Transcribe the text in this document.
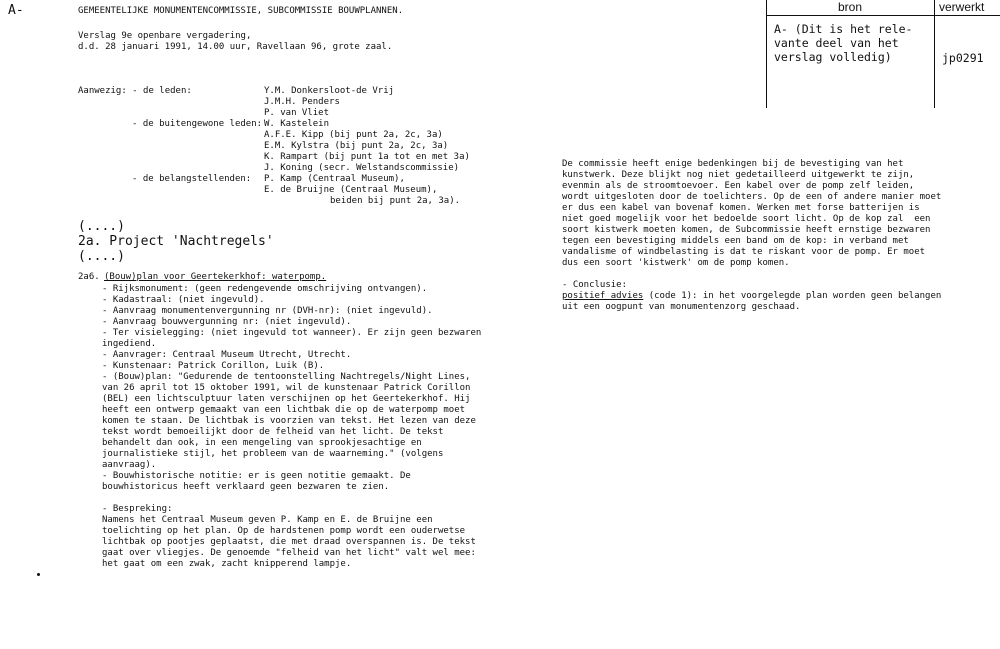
A-	GEMEENTELIJKE MONUMENTENCOMMISSIE, SUBCOMMISSIE BOUWPLANNEN.
Verslag 9e openbare vergadering,
d.d. 28 januari 1991, 14.00 uur, Ravellaan 96, grote zaal.
bron	verwerkt
A- (Dit is het rele-
vante deel van het
verslag volledig)	jp0291
Aanwezig: - de leden:	Y.M. Donkersloot-de Vrij
J.M.H. Penders
P. van Vliet
- de buitengewone leden: W. Kastelein
A.F.E. Kipp (bij punt 2a, 2c, 3a)
E.M. Kylstra (bij punt 2a, 2c, 3a)
K. Rampart (bij punt 1a tot en met 3a)
J. Koning (secr. Welstandscommissie)
- de belangstellenden: P. Kamp (Centraal Museum),
E. de Bruijne (Centraal Museum),
beiden bij punt 2a, 3a).
(....)
2a. Project 'Nachtregels'
(....)
2a6. (Bouw)plan voor Geertekerkhof: waterpomp.
- Rijksmonument: (geen redengevende omschrijving ontvangen).
- Kadastraal: (niet ingevuld).
- Aanvraag monumentenvergunning nr (DVH-nr): (niet ingevuld).
- Aanvraag bouwvergunning nr: (niet ingevuld).
- Ter visielegging: (niet ingevuld tot wanneer). Er zijn geen bezwaren
ingediend.
- Aanvrager: Centraal Museum Utrecht, Utrecht.
- Kunstenaar: Patrick Corillon, Luik (B).
- (Bouw)plan: "Gedurende de tentoonstelling Nachtregels/Night Lines,
van 26 april tot 15 oktober 1991, wil de kunstenaar Patrick Corillon
(BEL) een lichtsculptuur laten verschijnen op het Geertekerkhof. Hij
heeft een ontwerp gemaakt van een lichtbak die op de waterpomp moet
komen te staan. De lichtbak is voorzien van tekst. Het lezen van deze
tekst wordt bemoeilijkt door de felheid van het licht. De tekst
behandelt dan ook, in een mengeling van sprookjesachtige en
journalistieke stijl, het probleem van de waarneming." (volgens
aanvraag).
- Bouwhistorische notitie: er is geen notitie gemaakt. De
bouwhistoricus heeft verklaard geen bezwaren te zien.
- Bespreking:
Namens het Centraal Museum geven P. Kamp en E. de Bruijne een
toelichting op het plan. Op de hardstenen pomp wordt een ouderwetse
lichtbak op pootjes geplaatst, die met draad overspannen is. De tekst
gaat over vliegjes. De genoemde "felheid van het licht" valt wel mee:
het gaat om een zwak, zacht knipperend lampje.
De commissie heeft enige bedenkingen bij de bevestiging van het
kunstwerk. Deze blijkt nog niet gedetailleerd uitgewerkt te zijn,
evenmin als de stroomtoevoer. Een kabel over de pomp zelf leiden,
wordt uitgesloten door de toelichters. Op de een of andere manier moet
er dus een kabel van bovenaf komen. Werken met forse batterijen is
niet goed mogelijk voor het bedoelde soort licht. Op de kop zal  een
soort kistwerk moeten komen, de Subcommissie heeft ernstige bezwaren
tegen een bevestiging middels een band om de kop: in verband met
vandalisme of windbelasting is dat te riskant voor de pomp. Er moet
dus een soort 'kistwerk' om de pomp komen.
- Conclusie:
positief advies (code 1): in het voorgelegde plan worden geen belangen
uit een oogpunt van monumentenzorg geschaad.
